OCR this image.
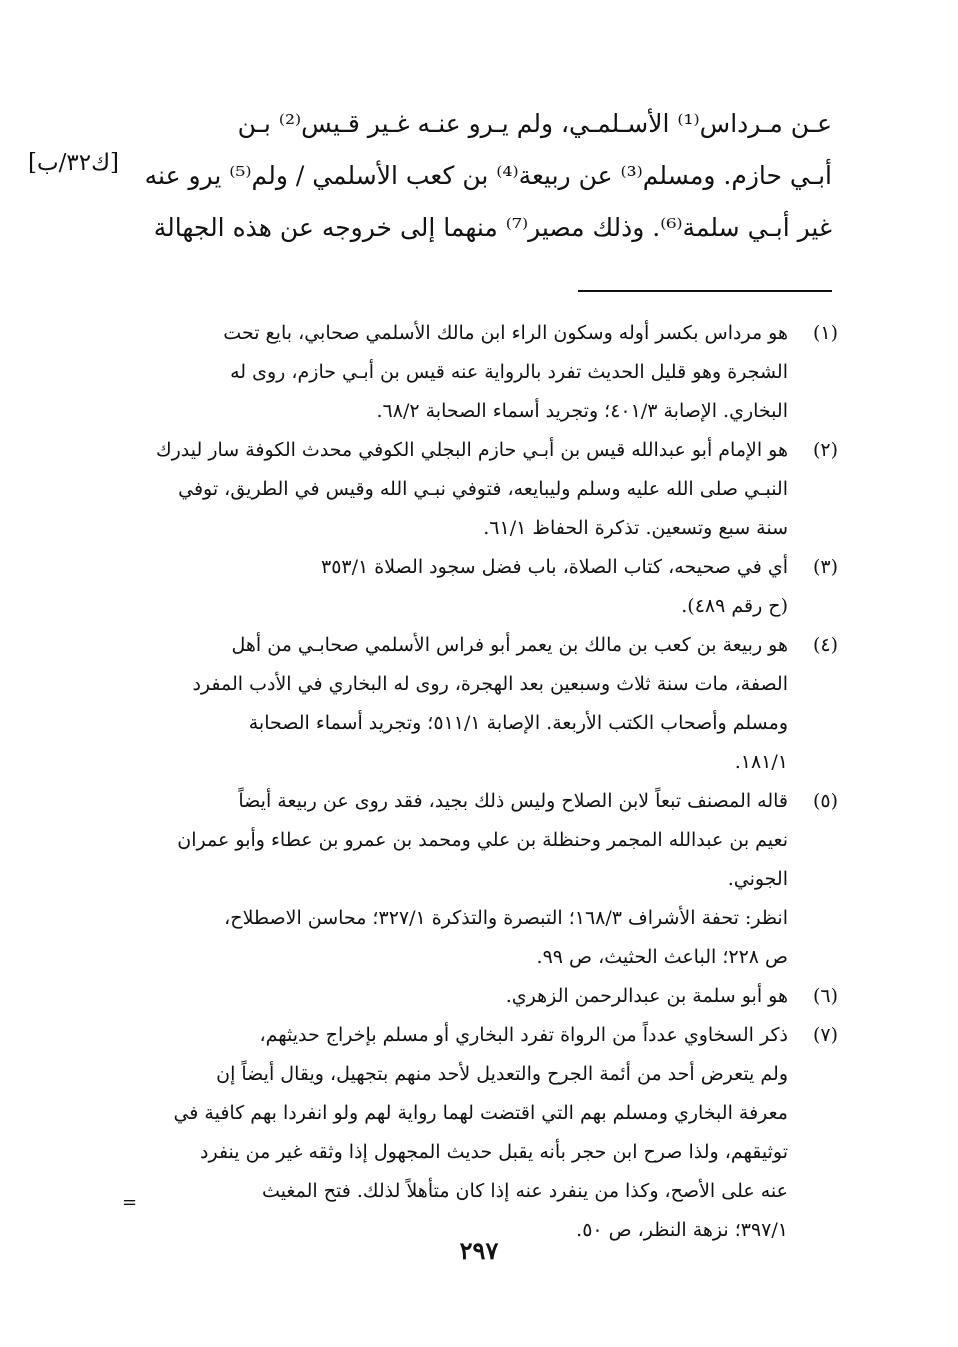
عـن مـرداس⁽¹⁾ الأسـلمـي، ولم يـرو عنـه غـير قـيس⁽²⁾ بـن
أبـي حازم. ومسلم⁽³⁾ عن ربيعة⁽⁴⁾ بن كعب الأسلمي / ولم⁽⁵⁾ يرو عنه
غير أبـي سلمة⁽⁶⁾. وذلك مصير⁽⁷⁾ منهما إلى خروجه عن هذه الجهالة
[ك٣٢/ب]
(١)
هو مرداس بكسر أوله وسكون الراء ابن مالك الأسلمي صحابي، بايع تحت
الشجرة وهو قليل الحديث تفرد بالرواية عنه قيس بن أبـي حازم، روى له
البخاري. الإصابة ٤٠١/٣؛ وتجريد أسماء الصحابة ٦٨/٢.
(٢)
هو الإمام أبو عبدالله قيس بن أبـي حازم البجلي الكوفي محدث الكوفة سار ليدرك
النبـي صلى الله عليه وسلم وليبايعه، فتوفي نبـي الله وقيس في الطريق، توفي
سنة سبع وتسعين. تذكرة الحفاظ ٦١/١.
(٣)
أي في صحيحه، كتاب الصلاة، باب فضل سجود الصلاة ٣٥٣/١
(ح رقم ٤٨٩).
(٤)
هو ربيعة بن كعب بن مالك بن يعمر أبو فراس الأسلمي صحابـي من أهل
الصفة، مات سنة ثلاث وسبعين بعد الهجرة، روى له البخاري في الأدب المفرد
ومسلم وأصحاب الكتب الأربعة. الإصابة ٥١١/١؛ وتجريد أسماء الصحابة
١٨١/١.
(٥)
قاله المصنف تبعاً لابن الصلاح وليس ذلك بجيد، فقد روى عن ربيعة أيضاً
نعيم بن عبدالله المجمر وحنظلة بن علي ومحمد بن عمرو بن عطاء وأبو عمران
الجوني.
انظر: تحفة الأشراف ١٦٨/٣؛ التبصرة والتذكرة ٣٢٧/١؛ محاسن الاصطلاح،
ص ٢٢٨؛ الباعث الحثيث، ص ٩٩.
(٦)
هو أبو سلمة بن عبدالرحمن الزهري.
(٧)
ذكر السخاوي عدداً من الرواة تفرد البخاري أو مسلم بإخراج حديثهم،
ولم يتعرض أحد من أئمة الجرح والتعديل لأحد منهم بتجهيل، ويقال أيضاً إن
معرفة البخاري ومسلم بهم التي اقتضت لهما رواية لهم ولو انفردا بهم كافية في
توثيقهم، ولذا صرح ابن حجر بأنه يقبل حديث المجهول إذا وثقه غير من ينفرد
عنه على الأصح، وكذا من ينفرد عنه إذا كان متأهلاً لذلك. فتح المغيث
٣٩٧/١؛ نزهة النظر، ص ٥٠.
=
٢٩٧
